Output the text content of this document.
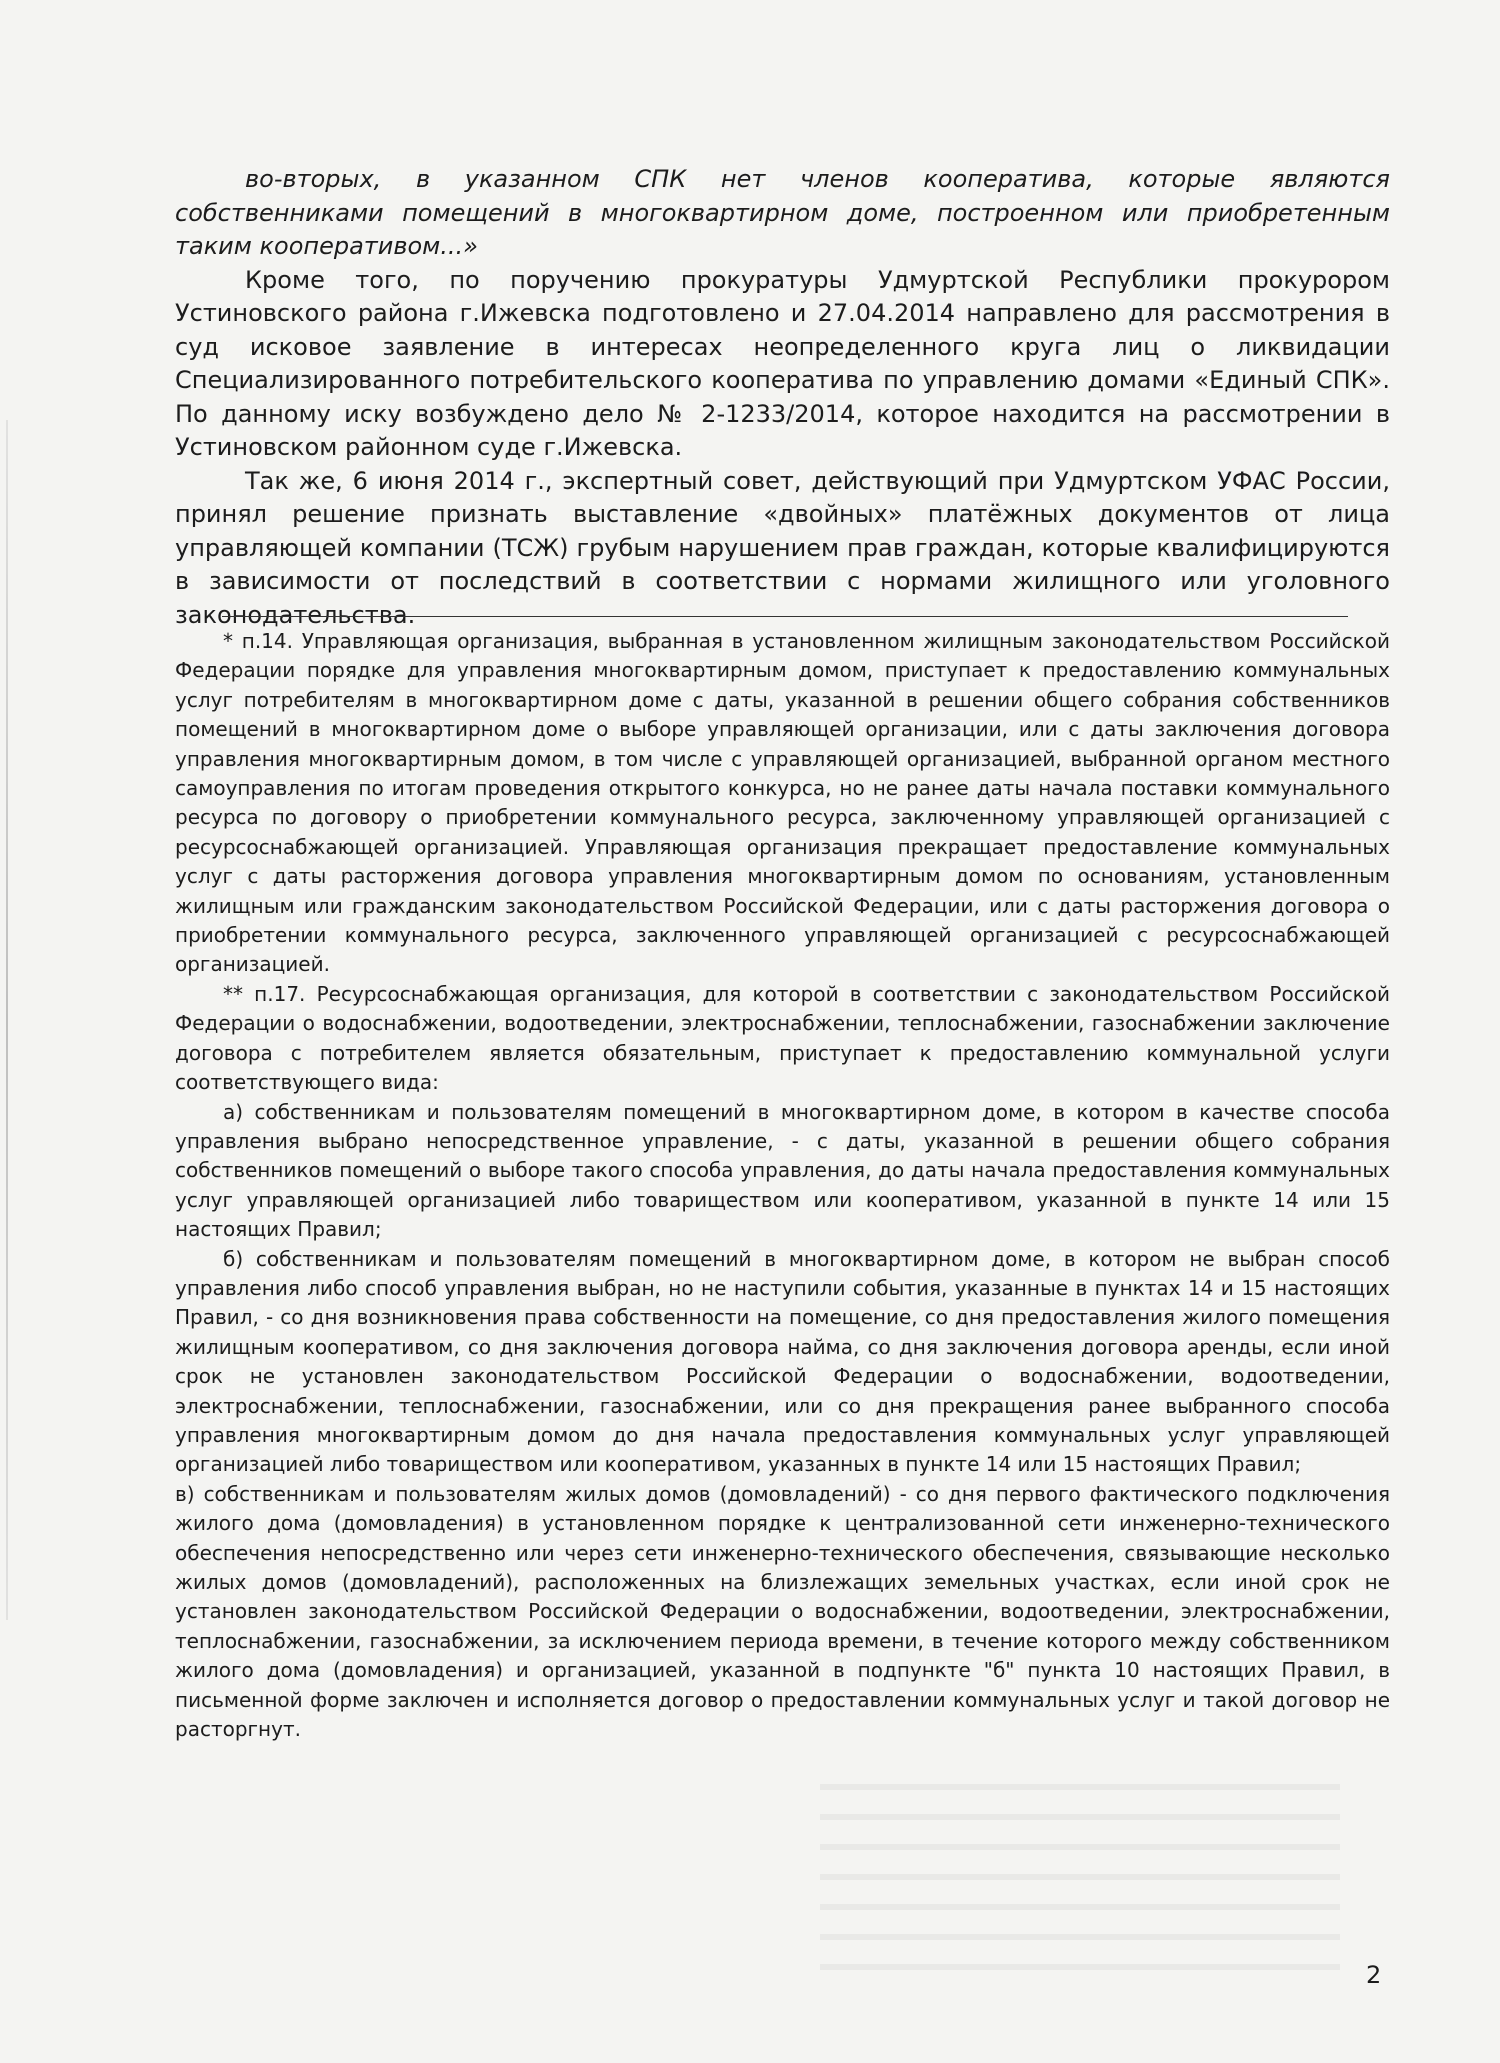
во-вторых, в указанном СПК нет членов кооператива, которые являются собственниками помещений в многоквартирном доме, построенном или приобретенным таким кооперативом...»

Кроме того, по поручению прокуратуры Удмуртской Республики прокурором Устиновского района г.Ижевска подготовлено и 27.04.2014 направлено для рассмотрения в суд исковое заявление в интересах неопределенного круга лиц о ликвидации Специализированного потребительского кооператива по управлению домами «Единый СПК». По данному иску возбуждено дело № 2-1233/2014, которое находится на рассмотрении в Устиновском районном суде г.Ижевска.

Так же, 6 июня 2014 г., экспертный совет, действующий при Удмуртском УФАС России, принял решение признать выставление «двойных» платёжных документов от лица управляющей компании (ТСЖ) грубым нарушением прав граждан, которые квалифицируются в зависимости от последствий в соответствии с нормами жилищного или уголовного законодательства.

* п.14. Управляющая организация, выбранная в установленном жилищным законодательством Российской Федерации порядке для управления многоквартирным домом, приступает к предоставлению коммунальных услуг потребителям в многоквартирном доме с даты, указанной в решении общего собрания собственников помещений в многоквартирном доме о выборе управляющей организации, или с даты заключения договора управления многоквартирным домом, в том числе с управляющей организацией, выбранной органом местного самоуправления по итогам проведения открытого конкурса, но не ранее даты начала поставки коммунального ресурса по договору о приобретении коммунального ресурса, заключенному управляющей организацией с ресурсоснабжающей организацией. Управляющая организация прекращает предоставление коммунальных услуг с даты расторжения договора управления многоквартирным домом по основаниям, установленным жилищным или гражданским законодательством Российской Федерации, или с даты расторжения договора о приобретении коммунального ресурса, заключенного управляющей организацией с ресурсоснабжающей организацией.

** п.17. Ресурсоснабжающая организация, для которой в соответствии с законодательством Российской Федерации о водоснабжении, водоотведении, электроснабжении, теплоснабжении, газоснабжении заключение договора с потребителем является обязательным, приступает к предоставлению коммунальной услуги соответствующего вида:

а) собственникам и пользователям помещений в многоквартирном доме, в котором в качестве способа управления выбрано непосредственное управление, - с даты, указанной в решении общего собрания собственников помещений о выборе такого способа управления, до даты начала предоставления коммунальных услуг управляющей организацией либо товариществом или кооперативом, указанной в пункте 14 или 15 настоящих Правил;

б) собственникам и пользователям помещений в многоквартирном доме, в котором не выбран способ управления либо способ управления выбран, но не наступили события, указанные в пунктах 14 и 15 настоящих Правил, - со дня возникновения права собственности на помещение, со дня предоставления жилого помещения жилищным кооперативом, со дня заключения договора найма, со дня заключения договора аренды, если иной срок не установлен законодательством Российской Федерации о водоснабжении, водоотведении, электроснабжении, теплоснабжении, газоснабжении, или со дня прекращения ранее выбранного способа управления многоквартирным домом до дня начала предоставления коммунальных услуг управляющей организацией либо товариществом или кооперативом, указанных в пункте 14 или 15 настоящих Правил;

в) собственникам и пользователям жилых домов (домовладений) - со дня первого фактического подключения жилого дома (домовладения) в установленном порядке к централизованной сети инженерно-технического обеспечения непосредственно или через сети инженерно-технического обеспечения, связывающие несколько жилых домов (домовладений), расположенных на близлежащих земельных участках, если иной срок не установлен законодательством Российской Федерации о водоснабжении, водоотведении, электроснабжении, теплоснабжении, газоснабжении, за исключением периода времени, в течение которого между собственником жилого дома (домовладения) и организацией, указанной в подпункте "б" пункта 10 настоящих Правил, в письменной форме заключен и исполняется договор о предоставлении коммунальных услуг и такой договор не расторгнут.

2
